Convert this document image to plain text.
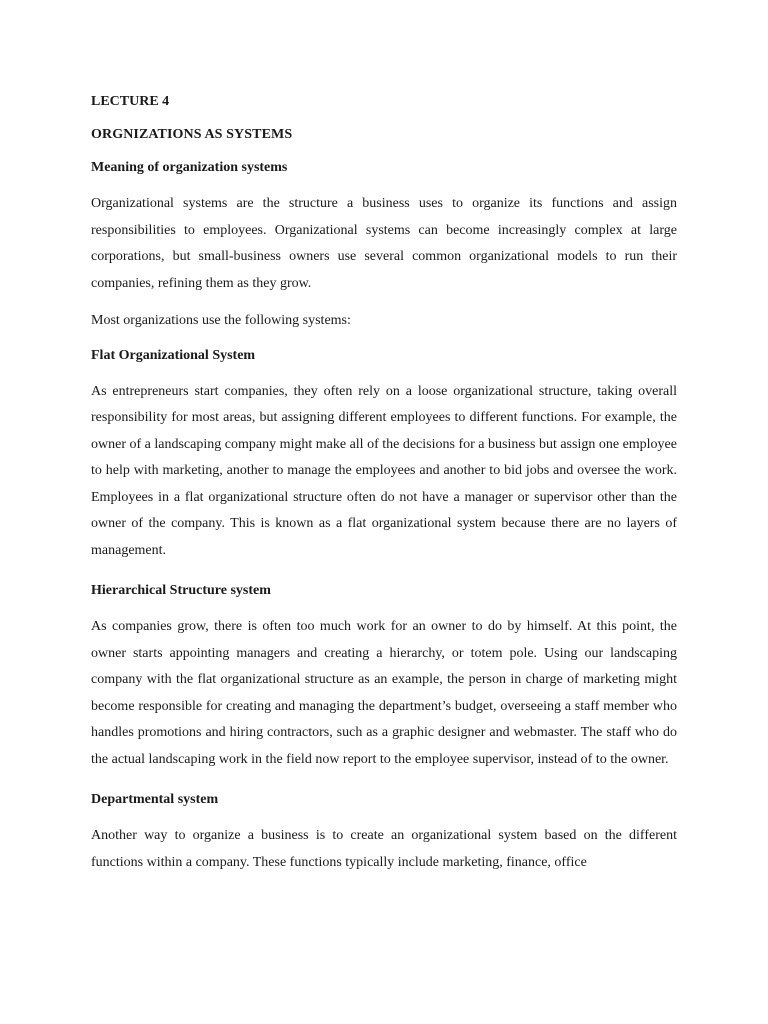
LECTURE 4

ORGNIZATIONS AS SYSTEMS

Meaning of organization systems

Organizational systems are the structure a business uses to organize its functions and assign responsibilities to employees. Organizational systems can become increasingly complex at large corporations, but small-business owners use several common organizational models to run their companies, refining them as they grow.

Most organizations use the following systems:

Flat Organizational System

As entrepreneurs start companies, they often rely on a loose organizational structure, taking overall responsibility for most areas, but assigning different employees to different functions. For example, the owner of a landscaping company might make all of the decisions for a business but assign one employee to help with marketing, another to manage the employees and another to bid jobs and oversee the work. Employees in a flat organizational structure often do not have a manager or supervisor other than the owner of the company. This is known as a flat organizational system because there are no layers of management.

Hierarchical Structure system

As companies grow, there is often too much work for an owner to do by himself. At this point, the owner starts appointing managers and creating a hierarchy, or totem pole. Using our landscaping company with the flat organizational structure as an example, the person in charge of marketing might become responsible for creating and managing the department’s budget, overseeing a staff member who handles promotions and hiring contractors, such as a graphic designer and webmaster. The staff who do the actual landscaping work in the field now report to the employee supervisor, instead of to the owner.

Departmental system

Another way to organize a business is to create an organizational system based on the different functions within a company. These functions typically include marketing, finance, office
